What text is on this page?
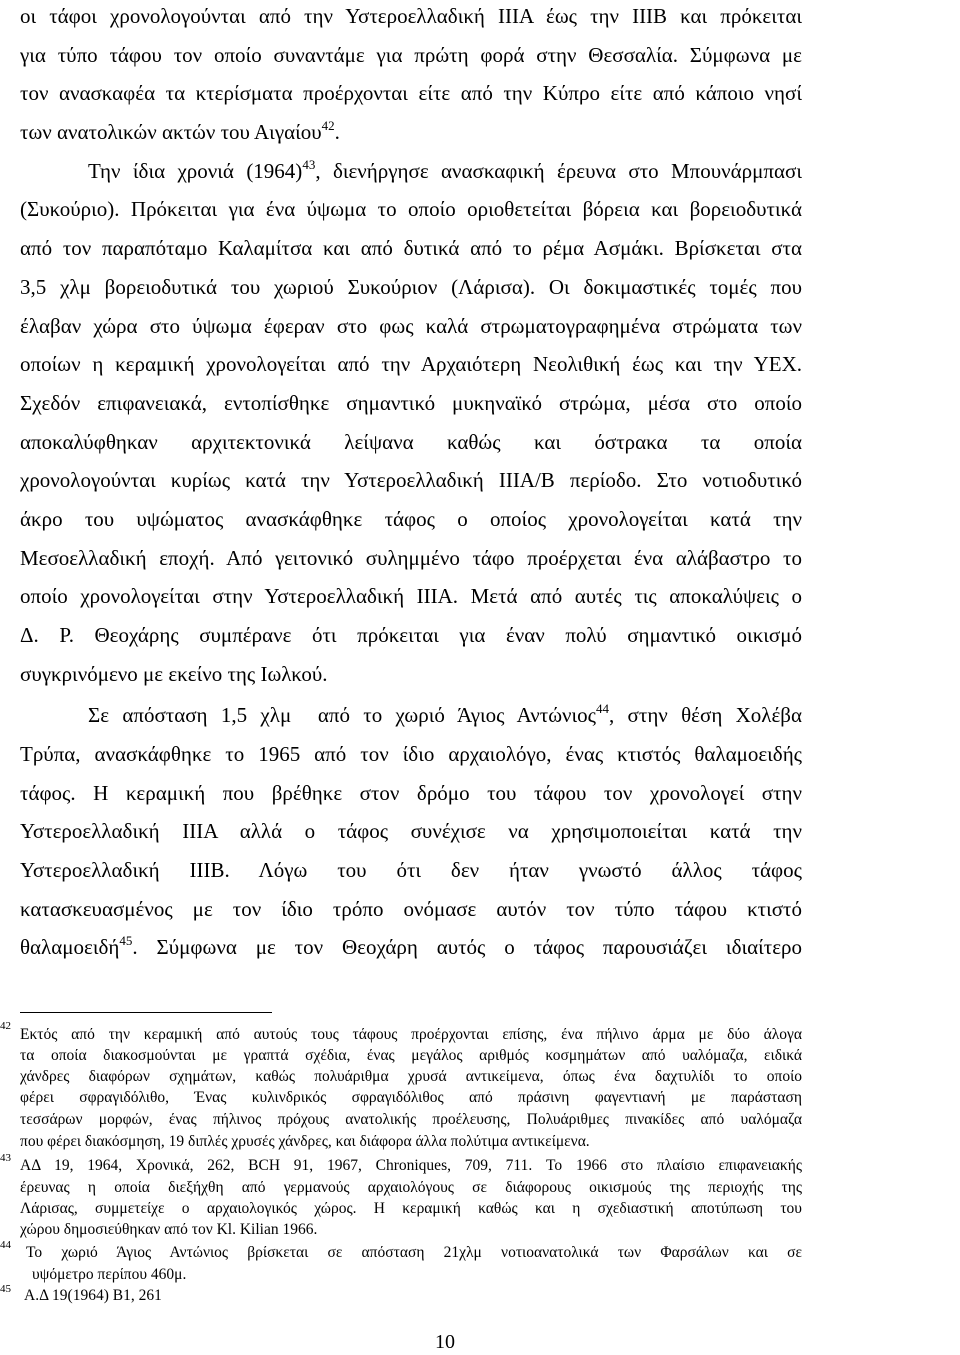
οι τάφοι χρονολογούνται από την Υστεροελλαδική ΙΙΙΑ έως την ΙΙΙΒ και πρόκειται
για τύπο τάφου τον οποίο συναντάμε για πρώτη φορά στην Θεσσαλία. Σύμφωνα με
τον ανασκαφέα τα κτερίσματα προέρχονται είτε από την Κύπρο είτε από κάποιο νησί
των ανατολικών ακτών του Αιγαίου$^{42}$.
Την ίδια χρονιά $(1964)^{43}$, διενήργησε ανασκαφική έρευνα στο Μπουνάρμπασι
(Συκούριο). Πρόκειται για ένα ύψωμα το οποίο οριοθετείται βόρεια και βορειοδυτικά
από τον παραπόταμο Καλαμίτσα και από δυτικά από το ρέμα Ασμάκι. Βρίσκεται στα
3,5 χλμ βορειοδυτικά του χωριού Συκούριον (Λάρισα). Οι δοκιμαστικές τομές που
έλαβαν χώρα στο ύψωμα έφεραν στο φως καλά στρωματογραφημένα στρώματα των
οποίων η κεραμική χρονολογείται από την Αρχαιότερη Νεολιθική έως και την ΥΕΧ.
Σχεδόν επιφανειακά, εντοπίσθηκε σημαντικό μυκηναϊκό στρώμα, μέσα στο οποίο
αποκαλύφθηκαν αρχιτεκτονικά λείψανα καθώς και όστρακα τα οποία
χρονολογούνται κυρίως κατά την Υστεροελλαδική ΙΙΙΑ/Β περίοδο. Στο νοτιοδυτικό
άκρο του υψώματος ανασκάφθηκε τάφος ο οποίος χρονολογείται κατά την
Μεσοελλαδική εποχή. Από γειτονικό συλημμένο τάφο προέρχεται ένα αλάβαστρο το
οποίο χρονολογείται στην Υστεροελλαδική ΙΙΙΑ. Μετά από αυτές τις αποκαλύψεις ο
Δ. Ρ. Θεοχάρης συμπέρανε ότι πρόκειται για έναν πολύ σημαντικό οικισμό
συγκρινόμενο με εκείνο της Ιωλκού.
Σε απόσταση 1,5 χλμ  από το χωριό Άγιος Αντώνιος$^{44}$, στην θέση Χολέβα
Τρύπα, ανασκάφθηκε το 1965 από τον ίδιο αρχαιολόγο, ένας κτιστός θαλαμοειδής
τάφος. Η κεραμική που βρέθηκε στον δρόμο του τάφου τον χρονολογεί στην
Υστεροελλαδική ΙΙΙΑ αλλά ο τάφος συνέχισε να χρησιμοποιείται κατά την
Υστεροελλαδική ΙΙΙΒ. Λόγω του ότι δεν ήταν γνωστό άλλος τάφος
κατασκευασμένος με τον ίδιο τρόπο ονόμασε αυτόν τον τύπο τάφου κτιστό
θαλαμοειδή$^{45}$. Σύμφωνα με τον Θεοχάρη αυτός ο τάφος παρουσιάζει ιδιαίτερο
42 Εκτός από την κεραμική από αυτούς τους τάφους προέρχονται επίσης, ένα πήλινο άρμα με δύο άλογα
τα οποία διακοσμούνται με γραπτά σχέδια, ένας μεγάλος αριθμός κοσμημάτων από υαλόμαζα, ειδικά
χάνδρες διαφόρων σχημάτων, καθώς πολυάριθμα χρυσά αντικείμενα, όπως ένα δαχτυλίδι το οποίο
φέρει σφραγιδόλιθο, Ένας κυλινδρικός σφραγιδόλιθος από πράσινη φαγεντιανή με παράσταση
τεσσάρων μορφών, ένας πήλινος πρόχους ανατολικής προέλευσης, Πολυάριθμες πινακίδες από υαλόμαζα
που φέρει διακόσμηση, 19 διπλές χρυσές χάνδρες, και διάφορα άλλα πολύτιμα αντικείμενα.
43 ΑΔ 19, 1964, Χρονικά, 262, BCH 91, 1967, Chroniques, 709, 711. Το 1966 στο πλαίσιο επιφανειακής
έρευνας η οποία διεξήχθη από γερμανούς αρχαιολόγους σε διάφορους οικισμούς της περιοχής της
Λάρισας, συμμετείχε ο αρχαιολογικός χώρος. Η κεραμική καθώς και η σχεδιαστική αποτύπωση του
χώρου δημοσιεύθηκαν από τον Kl. Kilian 1966.
44 Το χωριό Άγιος Αντώνιος βρίσκεται σε απόσταση 21χλμ νοτιοανατολικά των Φαρσάλων και σε
υψόμετρο περίπου 460μ.
45 Α.Δ 19(1964) Β1, 261
10
